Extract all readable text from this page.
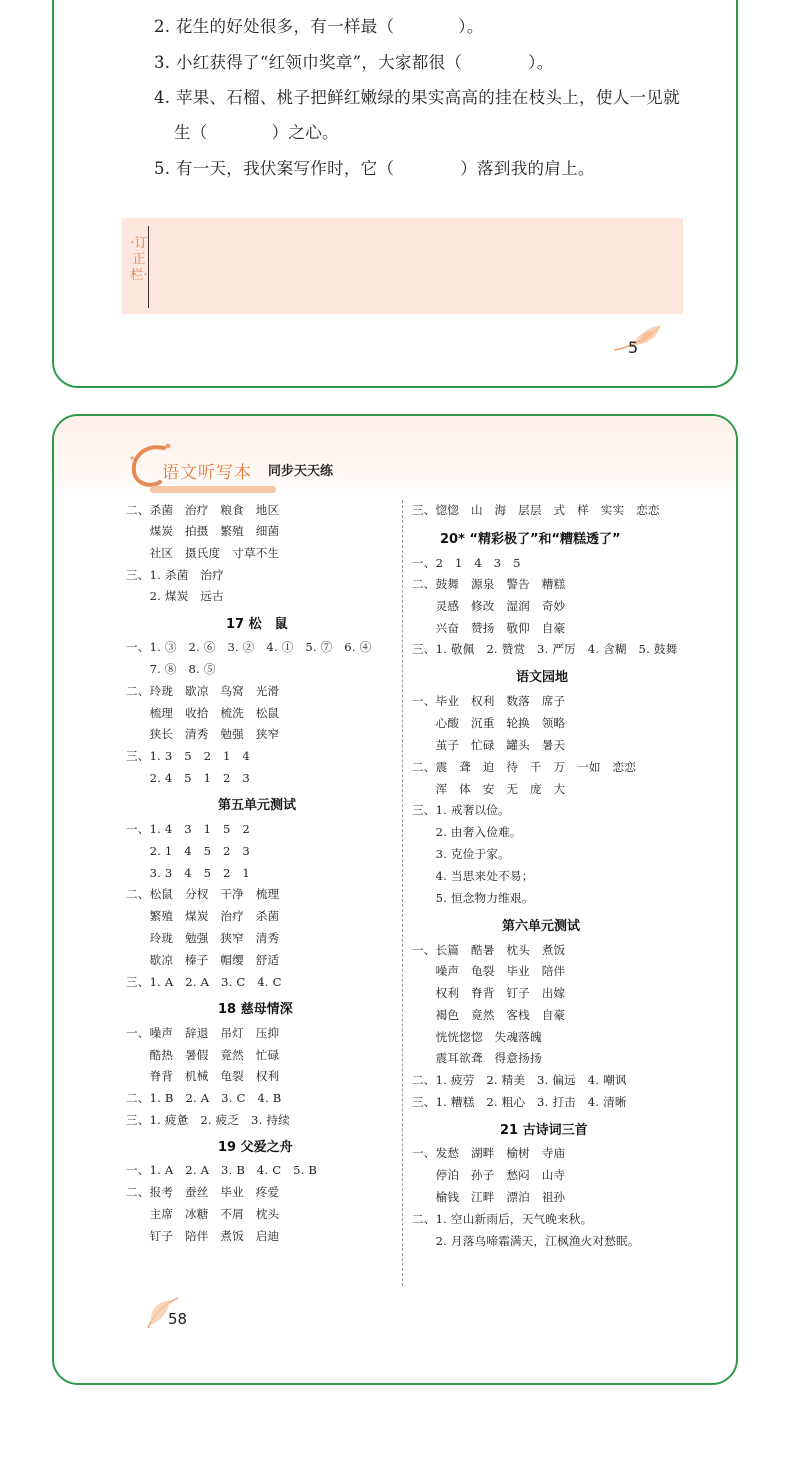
2. 花生的好处很多，有一样最（	）。
3. 小红获得了“红领巾奖章”，大家都很（	）。
4. 苹果、石榴、桃子把鲜红嫩绿的果实高高的挂在枝头上，使人一见就
生（	）之心。
5. 有一天，我伏案写作时，它（	）落到我的肩上。
·订正栏·
5
语文听写本 同步天天练
二、杀菌　治疗　粮食　地区
　　煤炭　拍摄　繁殖　细菌
　　社区　摄氏度　寸草不生
三、1. 杀菌　治疗
　　2. 煤炭　远古
17 松　鼠
一、1. ③　2. ⑥　3. ②　4. ①　5. ⑦　6. ④
　　7. ⑧　8. ⑤
二、玲珑　歇凉　鸟窝　光滑
　　梳理　收拾　梳洗　松鼠
　　狭长　清秀　勉强　狭窄
三、1. 3　5　2　1　4
　　2. 4　5　1　2　3
第五单元测试
一、1. 4　3　1　5　2
　　2. 1　4　5　2　3
　　3. 3　4　5　2　1
二、松鼠　分杈　干净　梳理
　　繁殖　煤炭　治疗　杀菌
　　玲珑　勉强　狭窄　清秀
　　歇凉　榛子　帽缨　舒适
三、1. A　2. A　3. C　4. C
18 慈母情深
一、噪声　辞退　吊灯　压抑
　　酷热　暑假　竟然　忙碌
　　脊背　机械　龟裂　权利
二、1. B　2. A　3. C　4. B
三、1. 疲惫　2. 疲乏　3. 持续
19 父爱之舟
一、1. A　2. A　3. B　4. C　5. B
二、报考　蚕丝　毕业　疼爱
　　主席　冰糖　不屑　枕头
　　钉子　陪伴　煮饭　启迪
三、惚惚　山　海　层层　式　样　实实　恋恋
20* “精彩极了”和“糟糕透了”
一、2　1　4　3　5
二、鼓舞　源泉　警告　糟糕
　　灵感　修改　湿润　奇妙
　　兴奋　赞扬　敬仰　自豪
三、1. 敬佩　2. 赞赏　3. 严厉　4. 含糊　5. 鼓舞
语文园地
一、毕业　权利　数落　席子
　　心酸　沉重　轮换　领略
　　茧子　忙碌　罐头　暑天
二、震　聋　迫　待　千　万　一如　恋恋
　　浑　体　安　无　庞　大
三、1. 戒奢以俭。
　　2. 由奢入俭难。
　　3. 克俭于家。
　　4. 当思来处不易；
　　5. 恒念物力维艰。
第六单元测试
一、长篇　酷暑　枕头　煮饭
　　噪声　龟裂　毕业　陪伴
　　权利　脊背　钉子　出嫁
　　褐色　竟然　客栈　自豪
　　恍恍惚惚　失魂落魄
　　震耳欲聋　得意扬扬
二、1. 疲劳　2. 精美　3. 偏远　4. 嘲讽
三、1. 糟糕　2. 粗心　3. 打击　4. 清晰
21 古诗词三首
一、发愁　湖畔　榆树　寺庙
　　停泊　孙子　愁闷　山寺
　　榆钱　江畔　漂泊　祖孙
二、1. 空山新雨后，天气晚来秋。
　　2. 月落乌啼霜满天，江枫渔火对愁眠。
58
